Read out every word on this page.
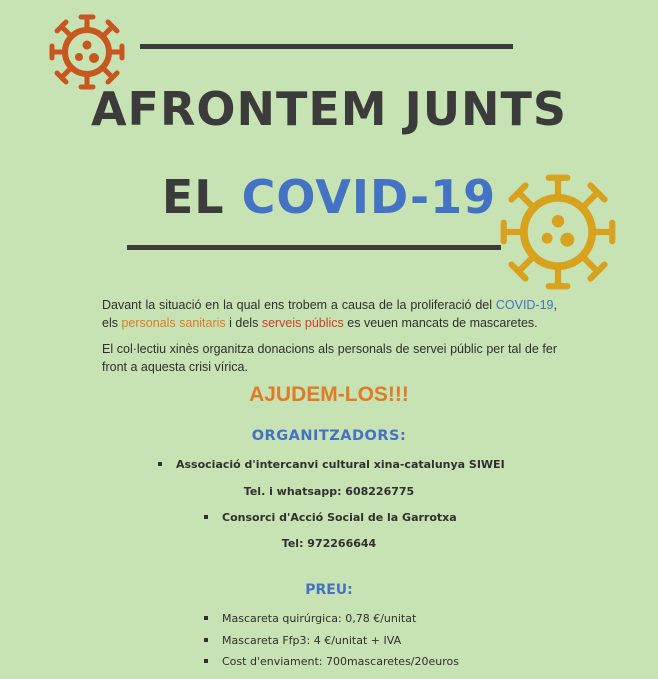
AFRONTEM JUNTS
EL COVID-19
Davant la situació en la qual ens trobem a causa de la proliferació del COVID-19, els personals sanitaris i dels serveis públics es veuen mancats de mascaretes.
El col·lectiu xinès organitza donacions als personals de servei públic per tal de fer front a aquesta crisi vírica.
AJUDEM-LOS!!!
ORGANITZADORS:
Associació d'intercanvi cultural xina-catalunya SIWEI
Tel. i whatsapp: 608226775
Consorci d'Acció Social de la Garrotxa
Tel: 972266644
PREU:
Mascareta quirúrgica: 0,78 €/unitat
Mascareta Ffp3: 4 €/unitat + IVA
Cost d'enviament: 700mascaretes/20euros
